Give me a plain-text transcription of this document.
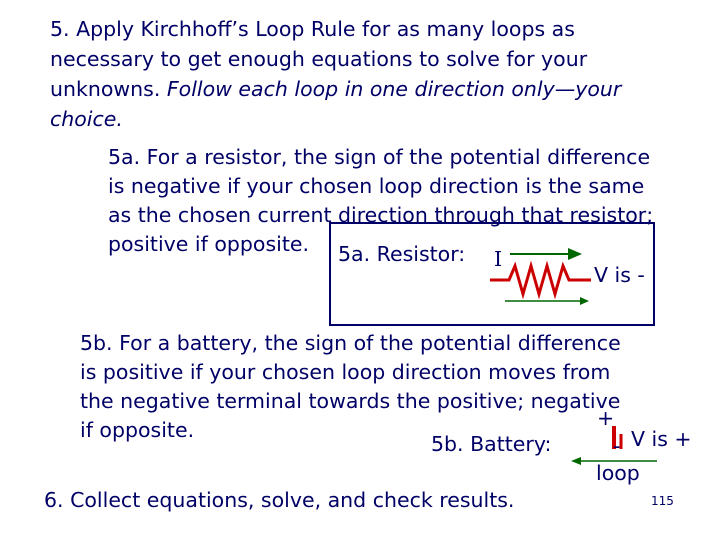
5. Apply Kirchhoff’s Loop Rule for as many loops as
necessary to get enough equations to solve for your
unknowns. Follow each loop in one direction only—your
choice.
5a. For a resistor, the sign of the potential difference
is negative if your chosen loop direction is the same
as the chosen current direction through that resistor;
positive if opposite.	5a. Resistor: I
V is -
5b. For a battery, the sign of the potential difference
is positive if your chosen loop direction moves from
the negative terminal towards the positive; negative
if opposite.
5b. Battery:
+
- V is +
loop
6. Collect equations, solve, and check results.	115
